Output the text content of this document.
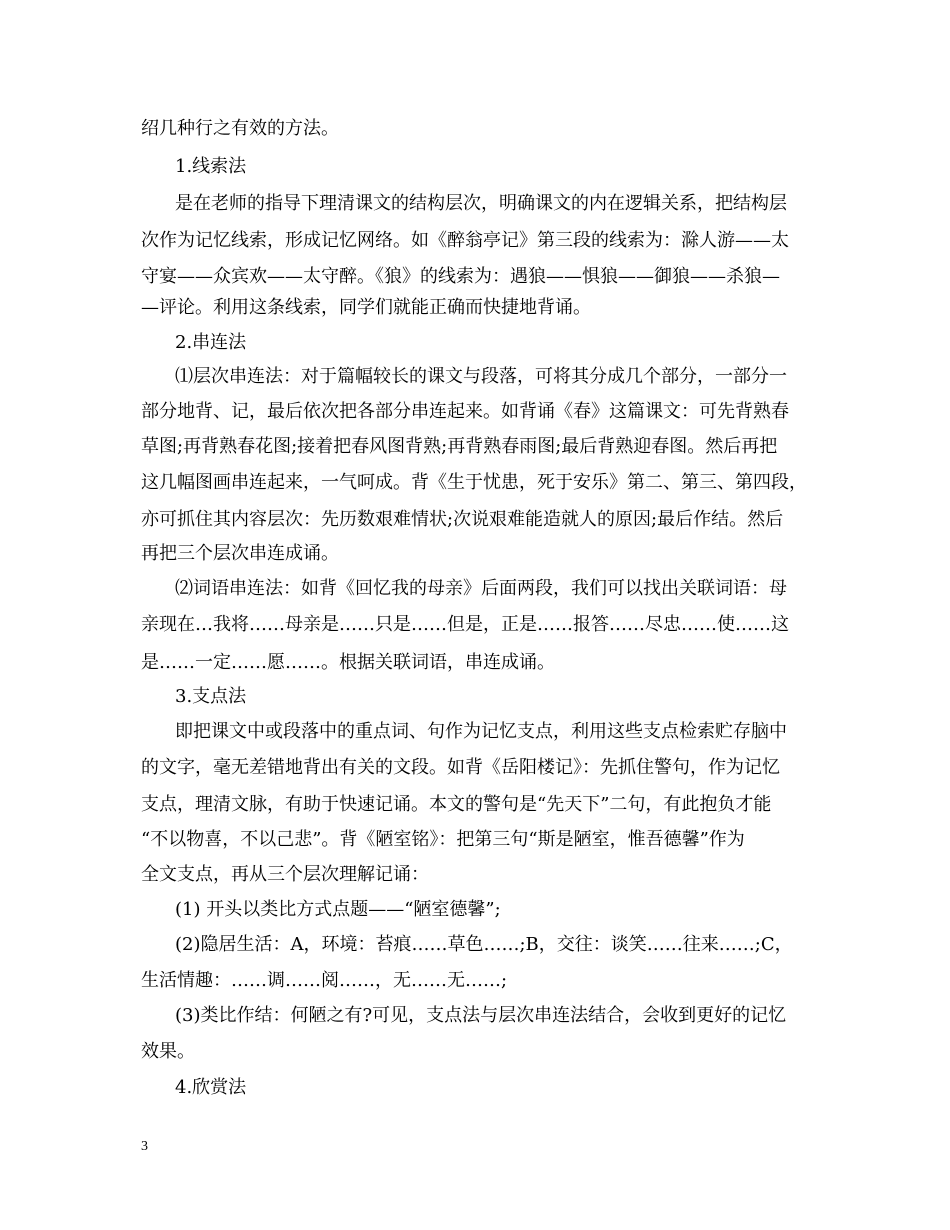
绍几种行之有效的方法。
1.线索法
是在老师的指导下理清课文的结构层次，明确课文的内在逻辑关系，把结构层
次作为记忆线索，形成记忆网络。如《醉翁亭记》第三段的线索为：滁人游——太
守宴——众宾欢——太守醉。《狼》的线索为：遇狼——惧狼——御狼——杀狼—
—评论。利用这条线索，同学们就能正确而快捷地背诵。
2.串连法
⑴层次串连法：对于篇幅较长的课文与段落，可将其分成几个部分，一部分一
部分地背、记，最后依次把各部分串连起来。如背诵《春》这篇课文：可先背熟春
草图;再背熟春花图;接着把春风图背熟;再背熟春雨图;最后背熟迎春图。然后再把
这几幅图画串连起来，一气呵成。背《生于忧患，死于安乐》第二、第三、第四段，
亦可抓住其内容层次：先历数艰难情状;次说艰难能造就人的原因;最后作结。然后
再把三个层次串连成诵。
⑵词语串连法：如背《回忆我的母亲》后面两段，我们可以找出关联词语：母
亲现在…我将……母亲是……只是……但是，正是……报答……尽忠……使……这
是……一定……愿……。根据关联词语，串连成诵。
3.支点法
即把课文中或段落中的重点词、句作为记忆支点，利用这些支点检索贮存脑中
的文字，毫无差错地背出有关的文段。如背《岳阳楼记》：先抓住警句，作为记忆
支点，理清文脉，有助于快速记诵。本文的警句是“先天下”二句，有此抱负才能
“不以物喜，不以己悲”。背《陋室铭》：把第三句“斯是陋室，惟吾德馨”作为
全文支点，再从三个层次理解记诵：
(1) 开头以类比方式点题——“陋室德馨”;
(2)隐居生活：A，环境：苔痕……草色……;B，交往：谈笑……往来……;C，
生活情趣：……调……阅……，无……无……;
(3)类比作结：何陋之有?可见，支点法与层次串连法结合，会收到更好的记忆
效果。
4.欣赏法
3
